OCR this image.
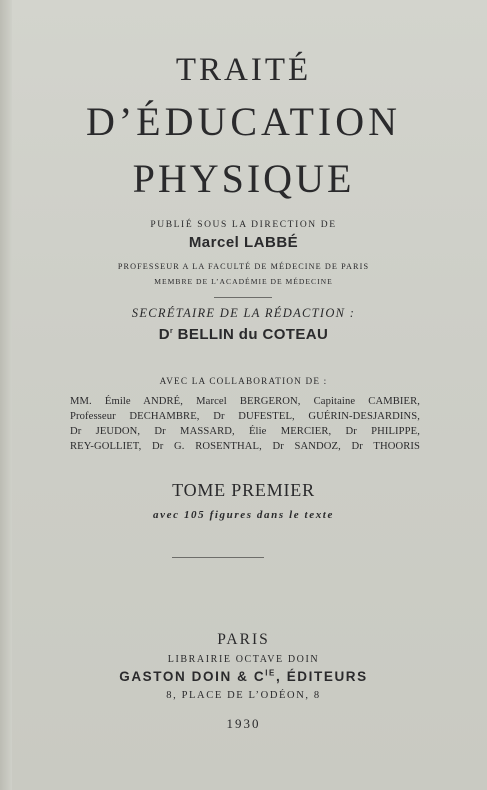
TRAITÉ
D’ÉDUCATION
PHYSIQUE
PUBLIÉ SOUS LA DIRECTION DE
Marcel LABBÉ
PROFESSEUR A LA FACULTÉ DE MÉDECINE DE PARIS
MEMBRE DE L’ACADÉMIE DE MÉDECINE
SECRÉTAIRE DE LA RÉDACTION :
$D^r$ BELLIN du COTEAU
AVEC LA COLLABORATION DE :
MM. Émile ANDRÉ, Marcel BERGERON, Capitaine CAMBIER,
Professeur DECHAMBRE, Dr DUFESTEL, GUÉRIN-DESJARDINS,
Dr JEUDON, Dr MASSARD, Élie MERCIER, Dr PHILIPPE,
REY-GOLLIET, Dr G. ROSENTHAL, Dr SANDOZ, Dr THOORIS
TOME PREMIER
avec 105 figures dans le texte
PARIS
LIBRAIRIE OCTAVE DOIN
GASTON DOIN & $C^{IE}$, ÉDITEURS
8, PLACE DE L’ODÉON, 8
1930
